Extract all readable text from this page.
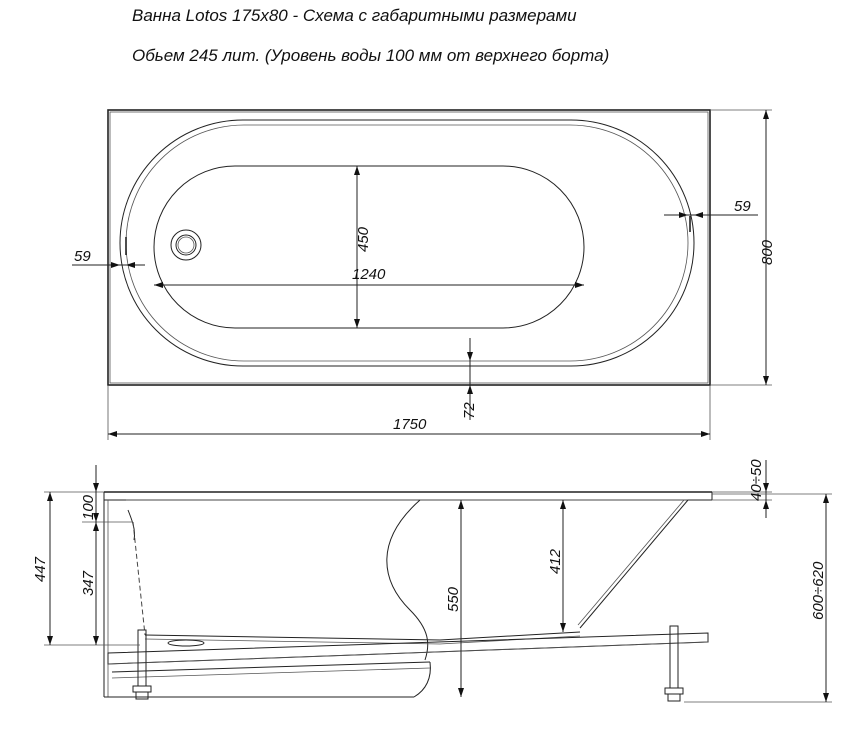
Ванна Lotos 175x80 - Схема с габаритными размерами
Обьем 245 лит. (Уровень воды 100 мм от верхнего борта)
59
450
1240
59
800
72
1750
40÷50
100
447
347
550
412
600÷620
